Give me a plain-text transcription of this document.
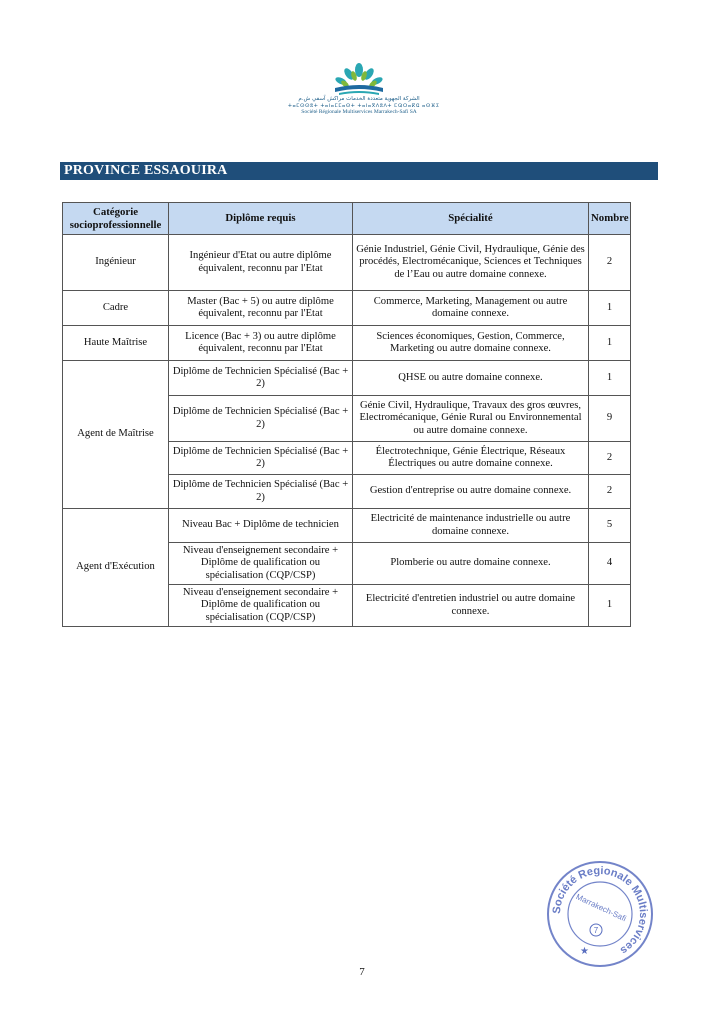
الشركة الجهوية متعددة الخدمات مراكش آسفي ش.م
ⵜⴰⵎⵙⵙⵓⵜ ⵜⴰⵏⴰⵎⵎⴰⵙⵜ ⵜⴰⵏⴰⴳⴷⵓⴷⵜ ⵎⵕⵔⴰⴽⵛ ⴰⵙⴼⵉ
Société Régionale Multiservices Marrakech-Safi SA
PROVINCE ESSAOUIRA
Catégorie
socioprofessionnelle	Diplôme requis	Spécialité	Nombre
Ingénieur	Ingénieur d'Etat ou autre diplôme équivalent, reconnu par l'Etat	Génie Industriel, Génie Civil, Hydraulique, Génie des procédés, Electromécanique, Sciences et Techniques de l’Eau ou autre domaine connexe.	2
Cadre	Master (Bac + 5) ou autre diplôme équivalent, reconnu par l'Etat	Commerce, Marketing, Management ou autre domaine connexe.	1
Haute Maîtrise	Licence (Bac + 3) ou autre diplôme équivalent, reconnu par l'Etat	Sciences économiques, Gestion, Commerce, Marketing ou autre domaine connexe.	1
Agent de Maîtrise	Diplôme de Technicien Spécialisé (Bac + 2)	QHSE ou autre domaine connexe.	1
	Diplôme de Technicien Spécialisé (Bac + 2)	Génie Civil, Hydraulique, Travaux des gros œuvres, Electromécanique, Génie Rural ou Environnemental ou autre domaine connexe.	9
	Diplôme de Technicien Spécialisé (Bac + 2)	Électrotechnique, Génie Électrique, Réseaux Électriques ou autre domaine connexe.	2
	Diplôme de Technicien Spécialisé (Bac + 2)	Gestion d'entreprise ou autre domaine connexe.	2
Agent d'Exécution	Niveau Bac + Diplôme de technicien	Electricité de maintenance industrielle ou autre domaine connexe.	5
	Niveau d'enseignement secondaire + Diplôme de qualification ou spécialisation (CQP/CSP)	Plomberie ou autre domaine connexe.	4
	Niveau d'enseignement secondaire + Diplôme de qualification ou spécialisation (CQP/CSP)	Electricité d'entretien industriel ou autre domaine connexe.	1
Société Regionale Multiservices
Marrakech-Safi
7
★
7
